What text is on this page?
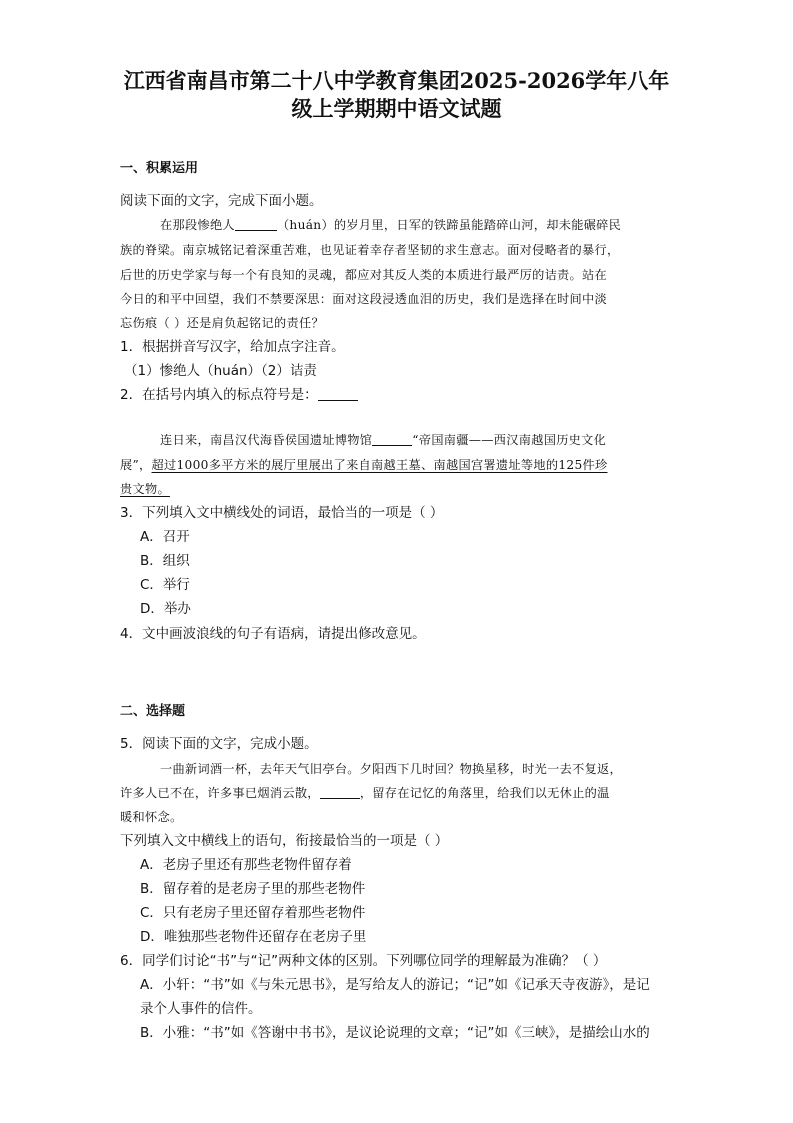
江西省南昌市第二十八中学教育集团2025-2026学年八年
级上学期期中语文试题
一、积累运用
阅读下面的文字，完成下面小题。
在那段惨绝人	（huán）的岁月里，日军的铁蹄虽能踏碎山河，却未能碾碎民
族的脊梁。南京城铭记着深重苦难，也见证着幸存者坚韧的求生意志。面对侵略者的暴行，
后世的历史学家与每一个有良知的灵魂，都应对其反人类的本质进行最严厉的诘责。站在
今日的和平中回望，我们不禁要深思：面对这段浸透血泪的历史，我们是选择在时间中淡
忘伤痕（ ）还是肩负起铭记的责任？
1．根据拼音写汉字，给加点字注音。
（1）惨绝人（huán）（2）诘责
2．在括号内填入的标点符号是：
连日来，南昌汉代海昏侯国遗址博物馆	“帝国南疆——西汉南越国历史文化
展”，超过1000多平方米的展厅里展出了来自南越王墓、南越国宫署遗址等地的125件珍
贵文物。
3．下列填入文中横线处的词语，最恰当的一项是（ ）
A．召开
B．组织
C．举行
D．举办
4．文中画波浪线的句子有语病，请提出修改意见。
二、选择题
5．阅读下面的文字，完成小题。
一曲新词酒一杯，去年天气旧亭台。夕阳西下几时回？物换星移，时光一去不复返，
许多人已不在，许多事已烟消云散，	，留存在记忆的角落里，给我们以无休止的温
暖和怀念。
下列填入文中横线上的语句，衔接最恰当的一项是（ ）
A．老房子里还有那些老物件留存着
B．留存着的是老房子里的那些老物件
C．只有老房子里还留存着那些老物件
D．唯独那些老物件还留存在老房子里
6．同学们讨论“书”与“记”两种文体的区别。下列哪位同学的理解最为准确？（ ）
A．小轩：“书”如《与朱元思书》，是写给友人的游记；“记”如《记承天寺夜游》，是记
录个人事件的信件。
B．小雅：“书”如《答谢中书书》，是议论说理的文章；“记”如《三峡》，是描绘山水的
